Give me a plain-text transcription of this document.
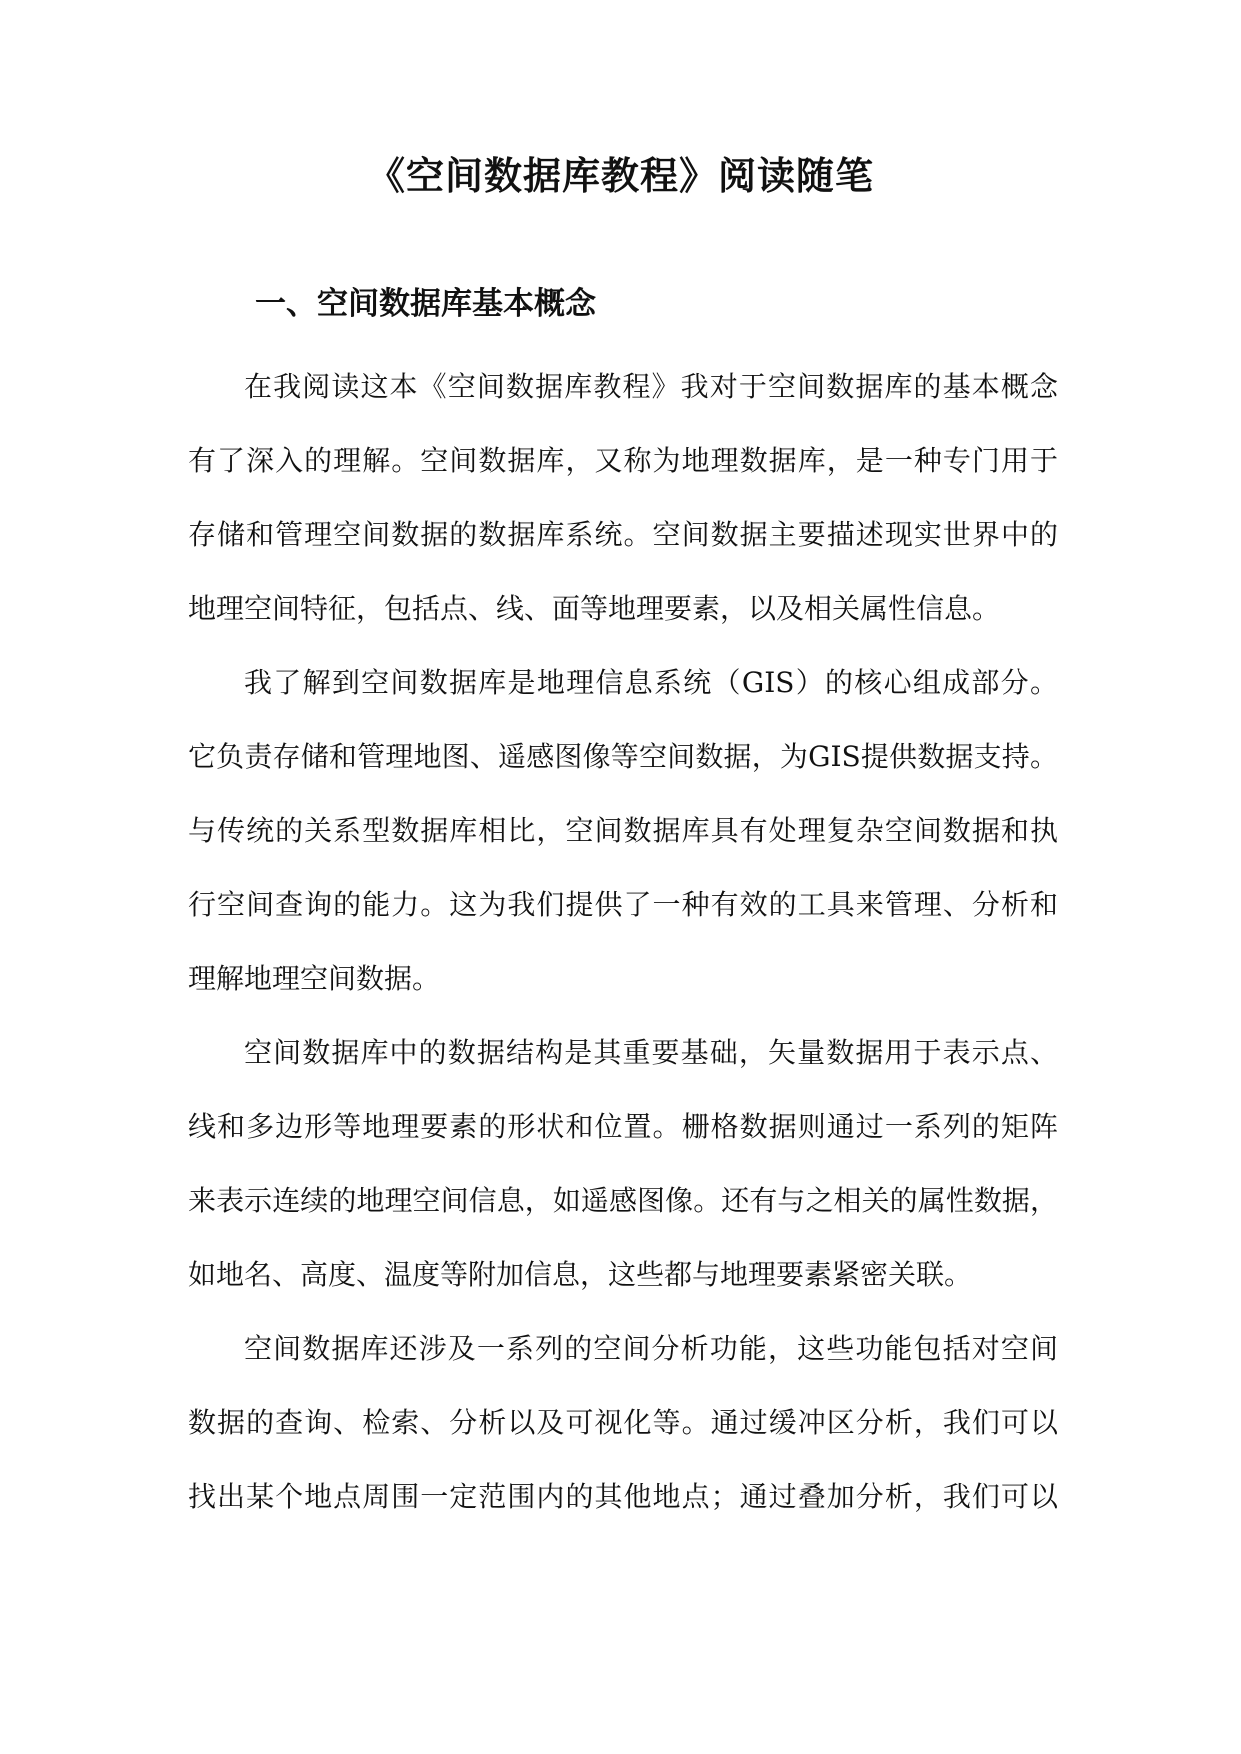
《空间数据库教程》阅读随笔
一、空间数据库基本概念
在我阅读这本《空间数据库教程》我对于空间数据库的基本概念
有了深入的理解。空间数据库，又称为地理数据库，是一种专门用于
存储和管理空间数据的数据库系统。空间数据主要描述现实世界中的
地理空间特征，包括点、线、面等地理要素，以及相关属性信息。
我了解到空间数据库是地理信息系统（GIS）的核心组成部分。
它负责存储和管理地图、遥感图像等空间数据，为GIS提供数据支持。
与传统的关系型数据库相比，空间数据库具有处理复杂空间数据和执
行空间查询的能力。这为我们提供了一种有效的工具来管理、分析和
理解地理空间数据。
空间数据库中的数据结构是其重要基础，矢量数据用于表示点、
线和多边形等地理要素的形状和位置。栅格数据则通过一系列的矩阵
来表示连续的地理空间信息，如遥感图像。还有与之相关的属性数据，
如地名、高度、温度等附加信息，这些都与地理要素紧密关联。
空间数据库还涉及一系列的空间分析功能，这些功能包括对空间
数据的查询、检索、分析以及可视化等。通过缓冲区分析，我们可以
找出某个地点周围一定范围内的其他地点；通过叠加分析，我们可以
